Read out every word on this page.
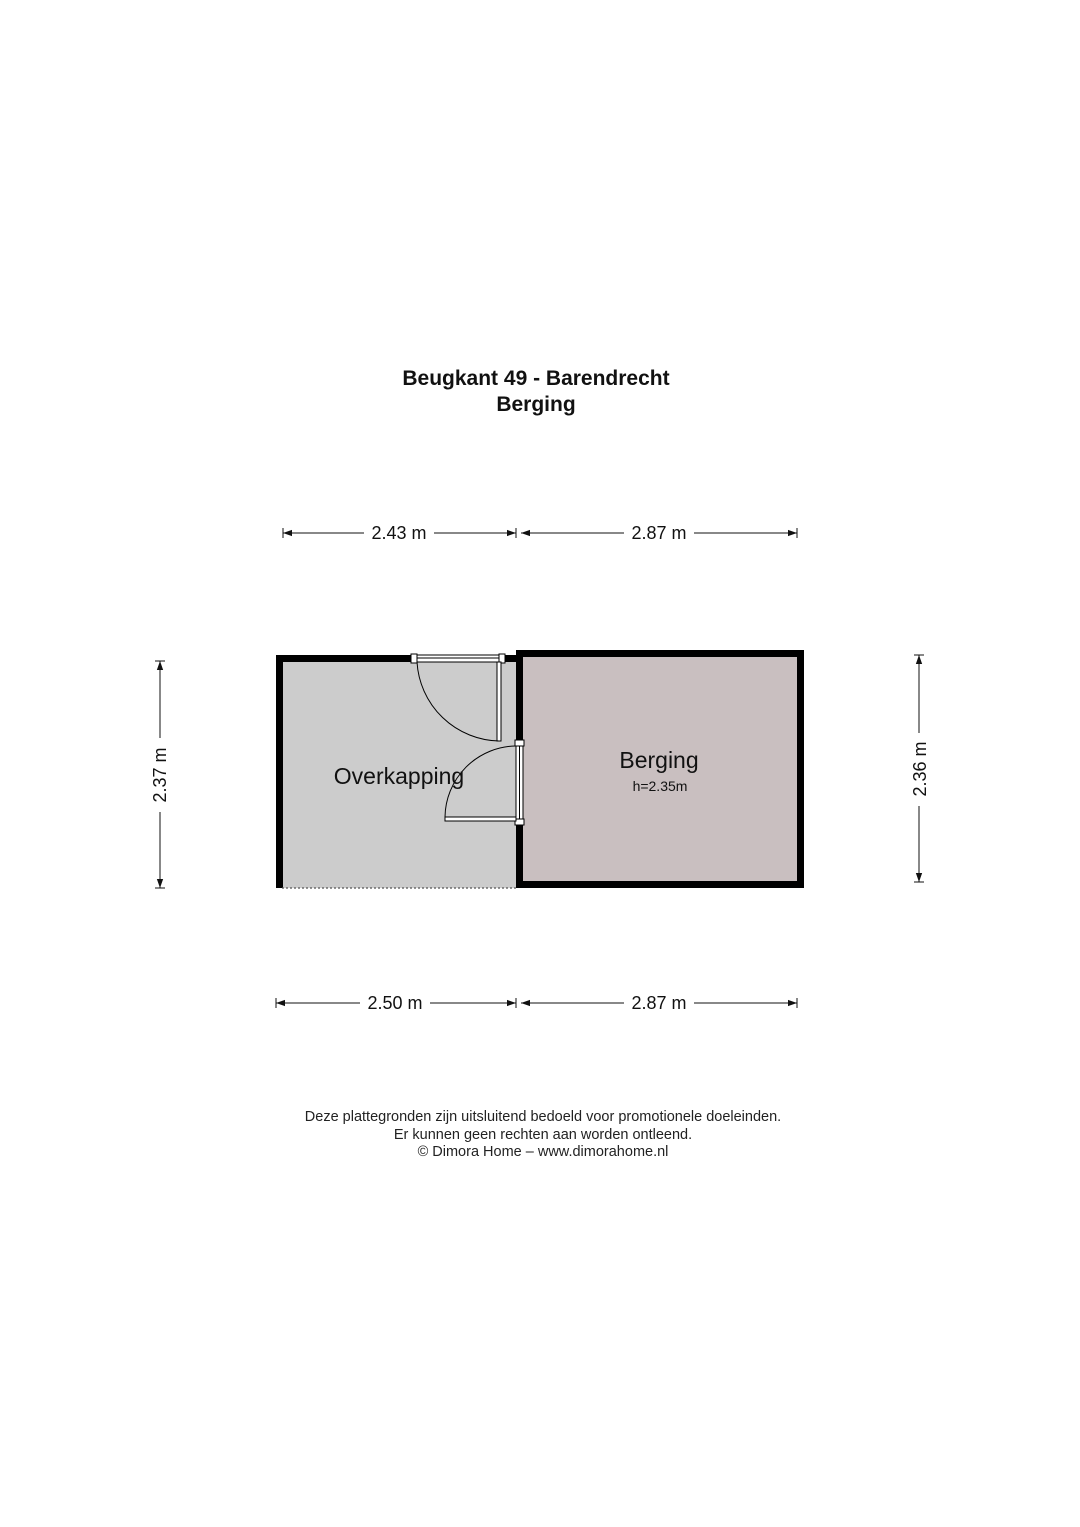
Beugkant 49 - Barendrecht
Berging
Overkapping
Berging
h=2.35m
2.43 m	2.87 m
2.50 m	2.87 m
2.37 m	2.36 m
Deze plattegronden zijn uitsluitend bedoeld voor promotionele doeleinden.
Er kunnen geen rechten aan worden ontleend.
© Dimora Home – www.dimorahome.nl
